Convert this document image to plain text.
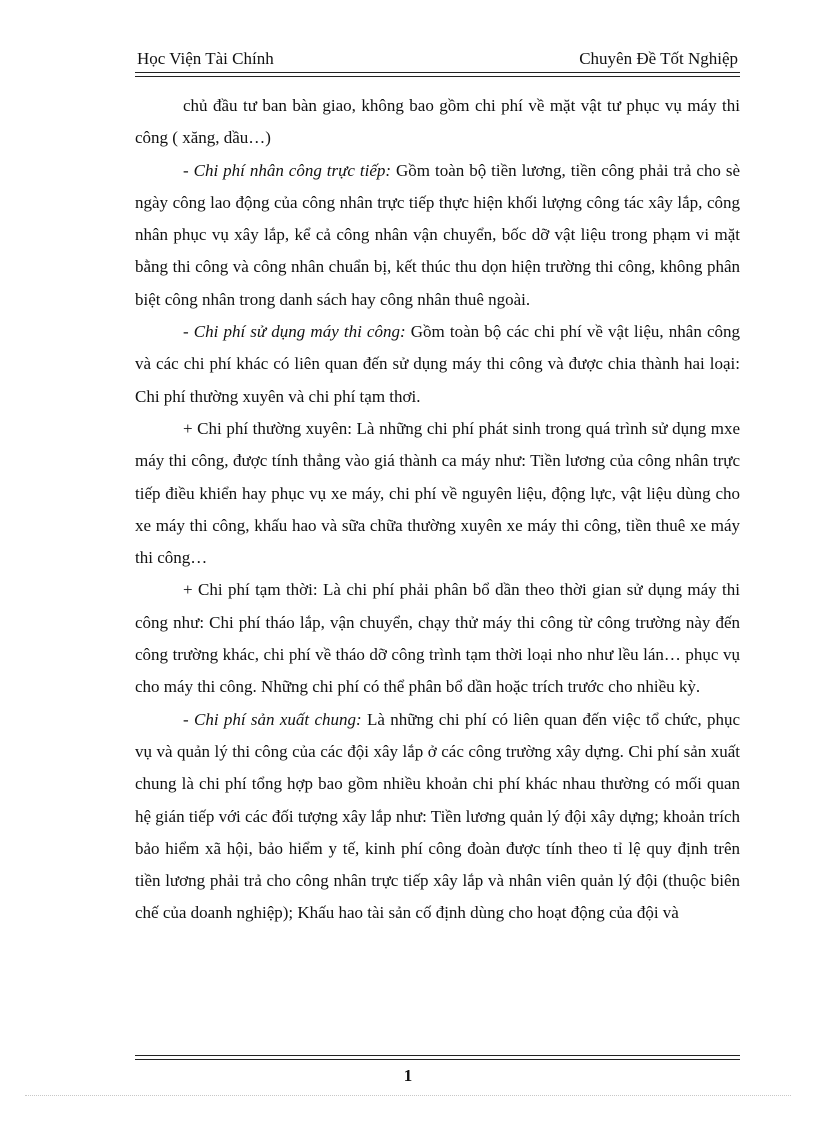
Học Viện Tài Chính	Chuyên Đề Tốt Nghiệp

chủ đầu tư ban bàn giao, không bao gồm chi phí về mặt vật tư phục vụ máy thi công ( xăng, dầu…)

- Chi phí nhân công trực tiếp: Gồm toàn bộ tiền lương, tiền công phải trả cho sè ngày công lao động của công nhân trực tiếp thực hiện khối lượng công tác xây lắp, công nhân phục vụ xây lắp, kể cả công nhân vận chuyển, bốc dỡ vật liệu trong phạm vi mặt bằng thi công và công nhân chuẩn bị, kết thúc thu dọn hiện trường thi công, không phân biệt công nhân trong danh sách hay công nhân thuê ngoài.

- Chi phí sử dụng máy thi công: Gồm toàn bộ các chi phí về vật liệu, nhân công và các chi phí khác có liên quan đến sử dụng máy thi công và được chia thành hai loại: Chi phí thường xuyên và chi phí tạm thơi.

+ Chi phí thường xuyên: Là những chi phí phát sinh trong quá trình sử dụng mxe máy thi công, được tính thẳng vào giá thành ca máy như: Tiền lương của công nhân trực tiếp điều khiển hay phục vụ xe máy, chi phí về nguyên liệu, động lực, vật liệu dùng cho xe máy thi công, khấu hao và sữa chữa thường xuyên xe máy thi công, tiền thuê xe máy thi công…

+ Chi phí tạm thời: Là chi phí phải phân bổ dần theo thời gian sử dụng máy thi công như: Chi phí tháo lắp, vận chuyển, chạy thử máy thi công từ công trường này đến công trường khác, chi phí về tháo dỡ công trình tạm thời loại nho như lều lán… phục vụ cho máy thi công. Những chi phí có thể phân bổ dần hoặc trích trước cho nhiều kỳ.

- Chi phí sản xuất chung: Là những chi phí có liên quan đến việc tổ chức, phục vụ và quản lý thi công của các đội xây lắp ở các công trường xây dựng. Chi phí sản xuất chung là chi phí tổng hợp bao gồm nhiều khoản chi phí khác nhau thường có mối quan hệ gián tiếp với các đối tượng xây lắp như: Tiền lương quản lý đội xây dựng; khoản trích bảo hiểm xã hội, bảo hiểm y tế, kinh phí công đoàn được tính theo tỉ lệ quy định trên tiền lương phải trả cho công nhân trực tiếp xây lắp và nhân viên quản lý đội (thuộc biên chế của doanh nghiệp); Khấu hao tài sản cố định dùng cho hoạt động của đội và

1
